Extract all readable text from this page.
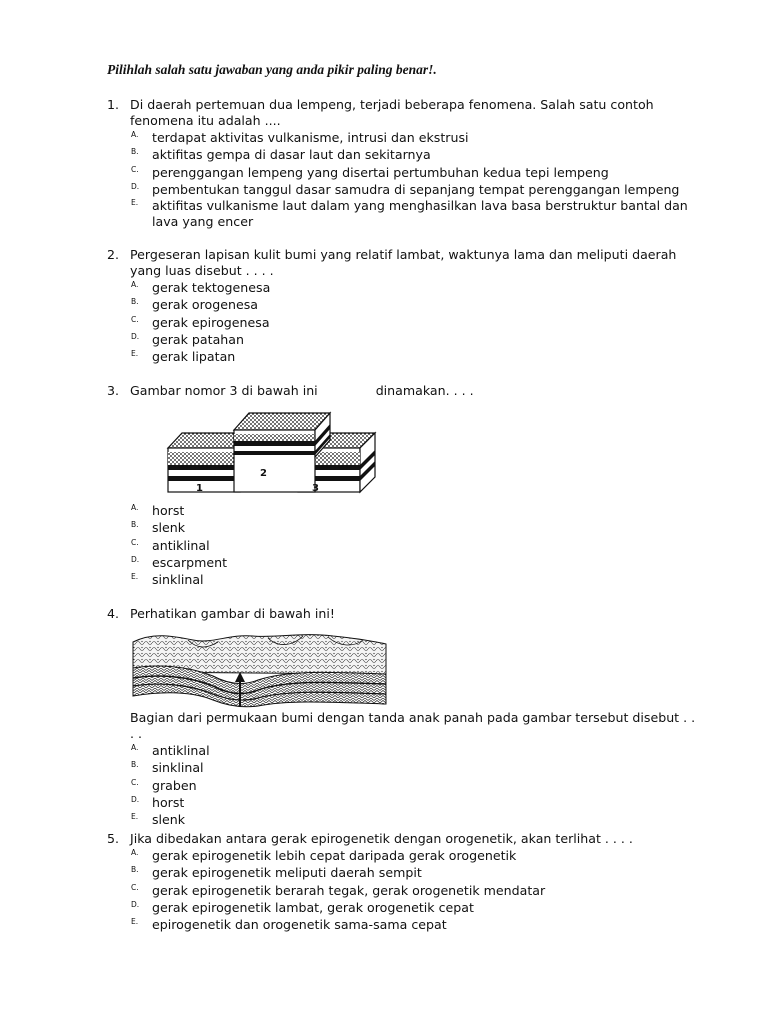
Pilihlah salah satu jawaban yang anda pikir paling benar!.
1. Di daerah pertemuan dua lempeng, terjadi beberapa fenomena. Salah satu contoh fenomena itu adalah ....
A. terdapat aktivitas vulkanisme, intrusi dan ekstrusi
B. aktifitas gempa di dasar laut dan sekitarnya
C. perenggangan lempeng yang disertai pertumbuhan kedua tepi lempeng
D. pembentukan tanggul dasar samudra di sepanjang tempat perenggangan lempeng
E. aktifitas vulkanisme laut dalam yang menghasilkan lava basa berstruktur bantal dan lava yang encer
2. Pergeseran lapisan kulit bumi yang relatif lambat, waktunya lama dan meliputi daerah yang luas disebut . . . .
A. gerak tektogenesa
B. gerak orogenesa
C. gerak epirogenesa
D. gerak patahan
E. gerak lipatan
3. Gambar nomor 3 di bawah ini	dinamakan. . . .
1
2
3
A. horst
B. slenk
C. antiklinal
D. escarpment
E. sinklinal
4. Perhatikan gambar di bawah ini!
Bagian dari permukaan bumi dengan tanda anak panah pada gambar tersebut disebut . . . .
A. antiklinal
B. sinklinal
C. graben
D. horst
E. slenk
5. Jika dibedakan antara gerak epirogenetik dengan orogenetik, akan terlihat . . . .
A. gerak epirogenetik lebih cepat daripada gerak orogenetik
B. gerak epirogenetik meliputi daerah sempit
C. gerak epirogenetik berarah tegak, gerak orogenetik mendatar
D. gerak epirogenetik lambat, gerak orogenetik cepat
E. epirogenetik dan orogenetik sama-sama cepat
